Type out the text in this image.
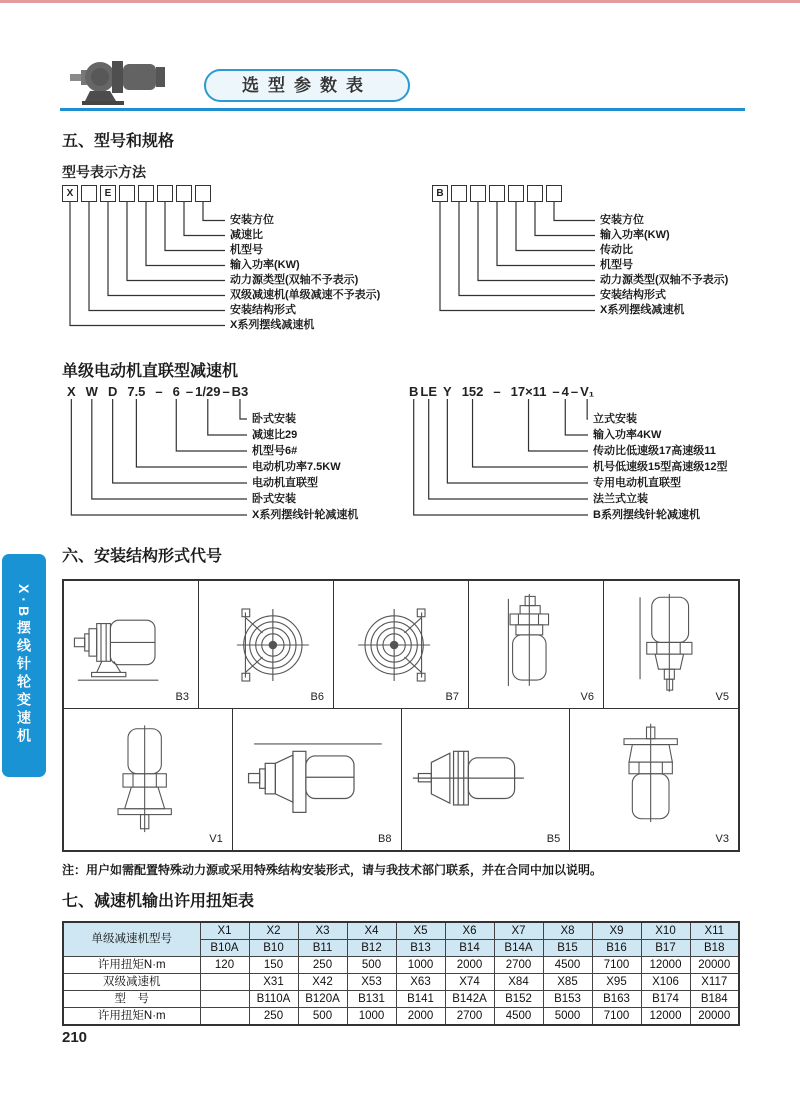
选型参数表
五、型号和规格
型号表示方法
X	E
安装方位
减速比
机型号
输入功率(KW)
动力源类型(双轴不予表示)
双级减速机(单级减速不予表示)
安装结构形式
X系列摆线减速机
B
安装方位
输入功率(KW)
传动比
机型号
动力源类型(双轴不予表示)
安装结构形式
X系列摆线减速机
单级电动机直联型减速机
X W D 7.5 – 6 – 1/29 – B3
卧式安装
减速比29
机型号6#
电动机功率7.5KW
电动机直联型
卧式安装
X系列摆线针轮减速机
B LE Y 152 – 17×11 – 4 – V₁
立式安装
输入功率4KW
传动比低速级17高速级11
机号低速级15型高速级12型
专用电动机直联型
法兰式立装
B系列摆线针轮减速机
六、安装结构形式代号
B3	B6	B7	V6	V5
V1	B8	B5	V3
注：用户如需配置特殊动力源或采用特殊结构安装形式，请与我技术部门联系，并在合同中加以说明。
七、减速机输出许用扭矩表
单级减速机型号	X1	X2	X3	X4	X5	X6	X7	X8	X9	X10	X11
	B10A	B10	B11	B12	B13	B14	B14A	B15	B16	B17	B18
许用扭矩N·m	120	150	250	500	1000	2000	2700	4500	7100	12000	20000
双级减速机		X31	X42	X53	X63	X74	X84	X85	X95	X106	X117
型　号		B110A	B120A	B131	B141	B142A	B152	B153	B163	B174	B184
许用扭矩N·m		250	500	1000	2000	2700	4500	5000	7100	12000	20000
210
X·B摆线针轮变速机
